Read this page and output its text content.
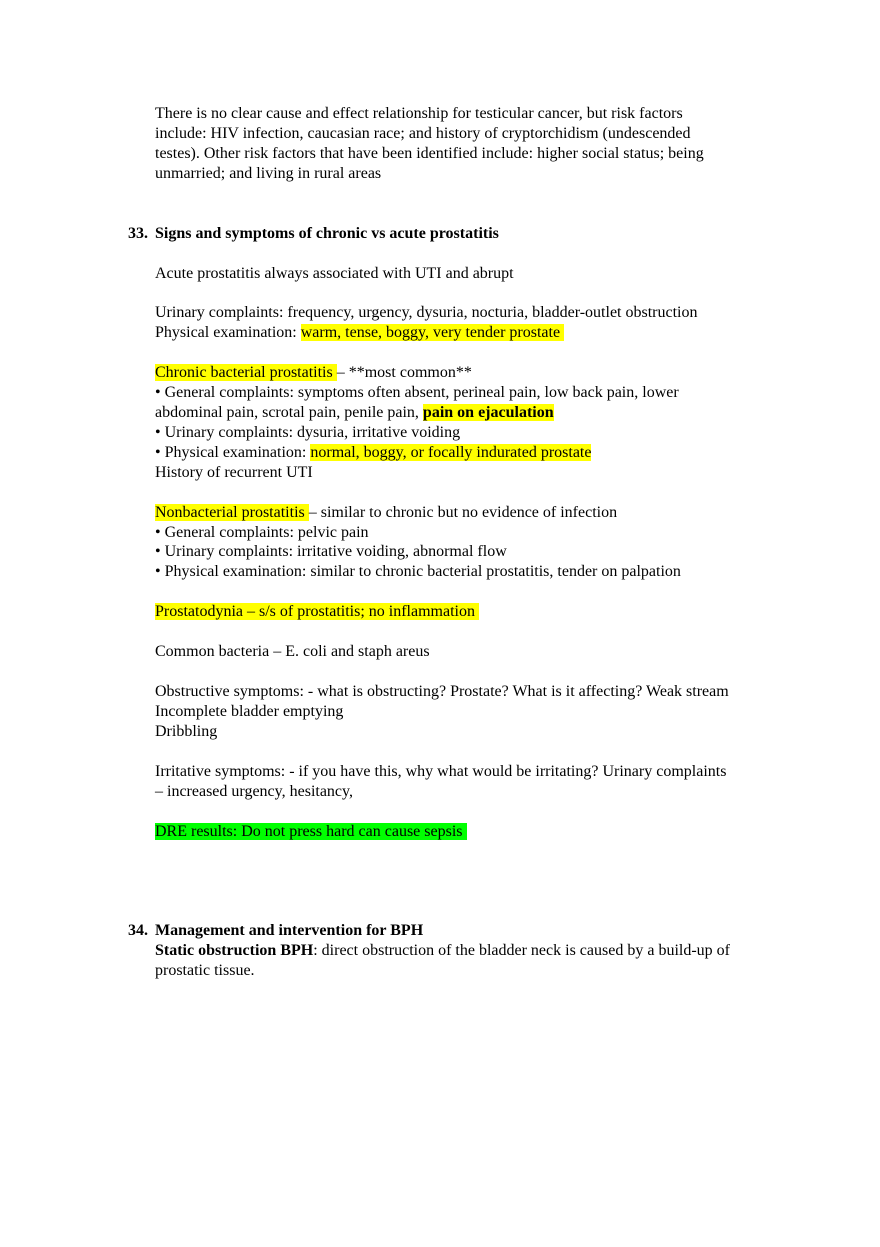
There is no clear cause and effect relationship for testicular cancer, but risk factors

include: HIV infection, caucasian race; and history of cryptorchidism (undescended

testes). Other risk factors that have been identified include: higher social status; being

unmarried; and living in rural areas

33. Signs and symptoms of chronic vs acute prostatitis

Acute prostatitis always associated with UTI and abrupt

Urinary complaints: frequency, urgency, dysuria, nocturia, bladder-outlet obstruction

Physical examination: warm, tense, boggy, very tender prostate

Chronic bacterial prostatitis – **most common**

• General complaints: symptoms often absent, perineal pain, low back pain, lower

abdominal pain, scrotal pain, penile pain, pain on ejaculation

• Urinary complaints: dysuria, irritative voiding

• Physical examination: normal, boggy, or focally indurated prostate

History of recurrent UTI

Nonbacterial prostatitis – similar to chronic but no evidence of infection

• General complaints: pelvic pain

• Urinary complaints: irritative voiding, abnormal flow

• Physical examination: similar to chronic bacterial prostatitis, tender on palpation

Prostatodynia – s/s of prostatitis; no inflammation

Common bacteria – E. coli and staph areus

Obstructive symptoms: - what is obstructing? Prostate? What is it affecting? Weak stream

Incomplete bladder emptying

Dribbling

Irritative symptoms: - if you have this, why what would be irritating? Urinary complaints

– increased urgency, hesitancy,

DRE results: Do not press hard can cause sepsis

34. Management and intervention for BPH

Static obstruction BPH: direct obstruction of the bladder neck is caused by a build-up of

prostatic tissue.
